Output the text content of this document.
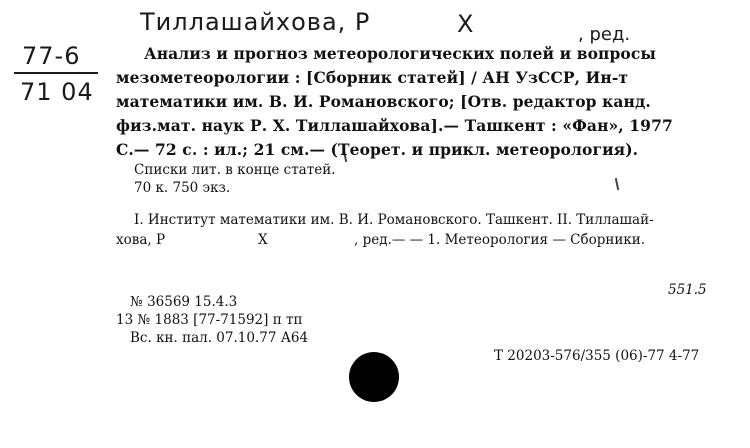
Тиллашайхова, Р	Х	, ред.
77-6
71 04
Анализ и прогноз метеорологических полей и вопросы
мезометеорологии : [Сборник статей] / АН УзССР, Ин-т
математики им. В. И. Романовского; [Отв. редактор канд.
физ.мат. наук Р. Х. Тиллашайхова].— Ташкент : «Фан», 1977
С.— 72 с. : ил.; 21 см.— (Теорет. и прикл. метеорология).
Списки лит. в конце статей.
70 к. 750 экз.
I. Институт математики им. В. И. Романовского. Ташкент. II. Тиллашай-
хова, Р	Х	, ред.— — 1. Метеорология — Сборники.
551.5
№ 36569 15.4.3
13 № 1883 [77-71592] п тп
Вс. кн. пал. 07.10.77 А64
Т 20203-576/355 (06)-77 4-77
